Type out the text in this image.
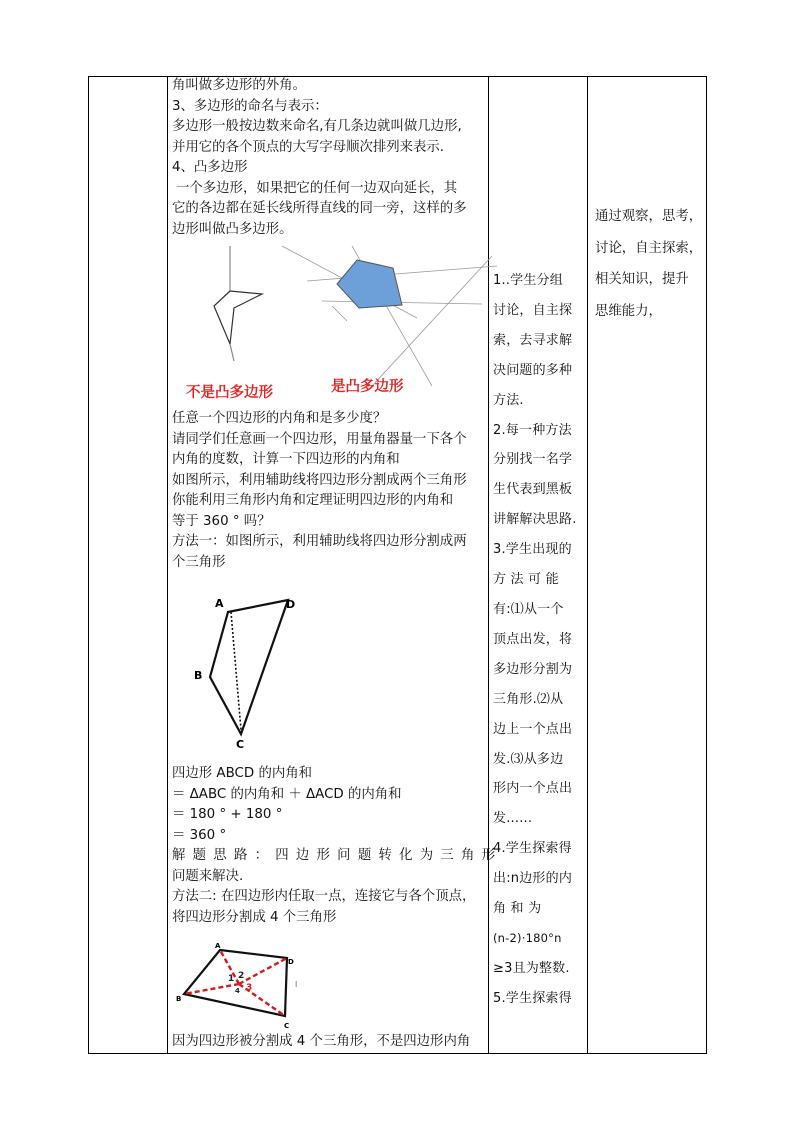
角叫做多边形的外角。

3、多边形的命名与表示：

多边形一般按边数来命名,有几条边就叫做几边形,

并用它的各个顶点的大写字母顺次排列来表示.

4、凸多边形

一个多边形，如果把它的任何一边双向延长，其

它的各边都在延长线所得直线的同一旁，这样的多

边形叫做凸多边形。

不是凸多边形	是凸多边形

任意一个四边形的内角和是多少度？

请同学们任意画一个四边形，用量角器量一下各个

内角的度数，计算一下四边形的内角和

如图所示，利用辅助线将四边形分割成两个三角形

你能利用三角形内角和定理证明四边形的内角和

等于 360 ° 吗？

方法一：如图所示，利用辅助线将四边形分割成两

个三角形

A	D
B
C

四边形 ABCD 的内角和

＝ ΔABC 的内角和 ＋ ΔACD 的内角和

＝ 180 ° + 180 °

＝ 360 °

解 题 思 路 ： 四 边 形 问 题 转 化 为 三 角 形

问题来解决.

方法二: 在四边形内任取一点，连接它与各个顶点，

将四边形分割成 4 个三角形

A
D
B
C
1 2
3
4
l

因为四边形被分割成 4 个三角形，不是四边形内角

1..学生分组

讨论，自主探

索，去寻求解

决问题的多种

方法.

2.每一种方法

分别找一名学

生代表到黑板

讲解解决思路.

3.学生出现的

方 法 可 能

有:⑴从一个

顶点出发，将

多边形分割为

三角形.⑵从

边上一个点出

发.⑶从多边

形内一个点出

发......

4.学生探索得

出:n边形的内

角 和 为

(n-2)·180°n

≥3且为整数.

5.学生探索得

通过观察，思考，

讨论，自主探索，

相关知识，提升

思维能力，
